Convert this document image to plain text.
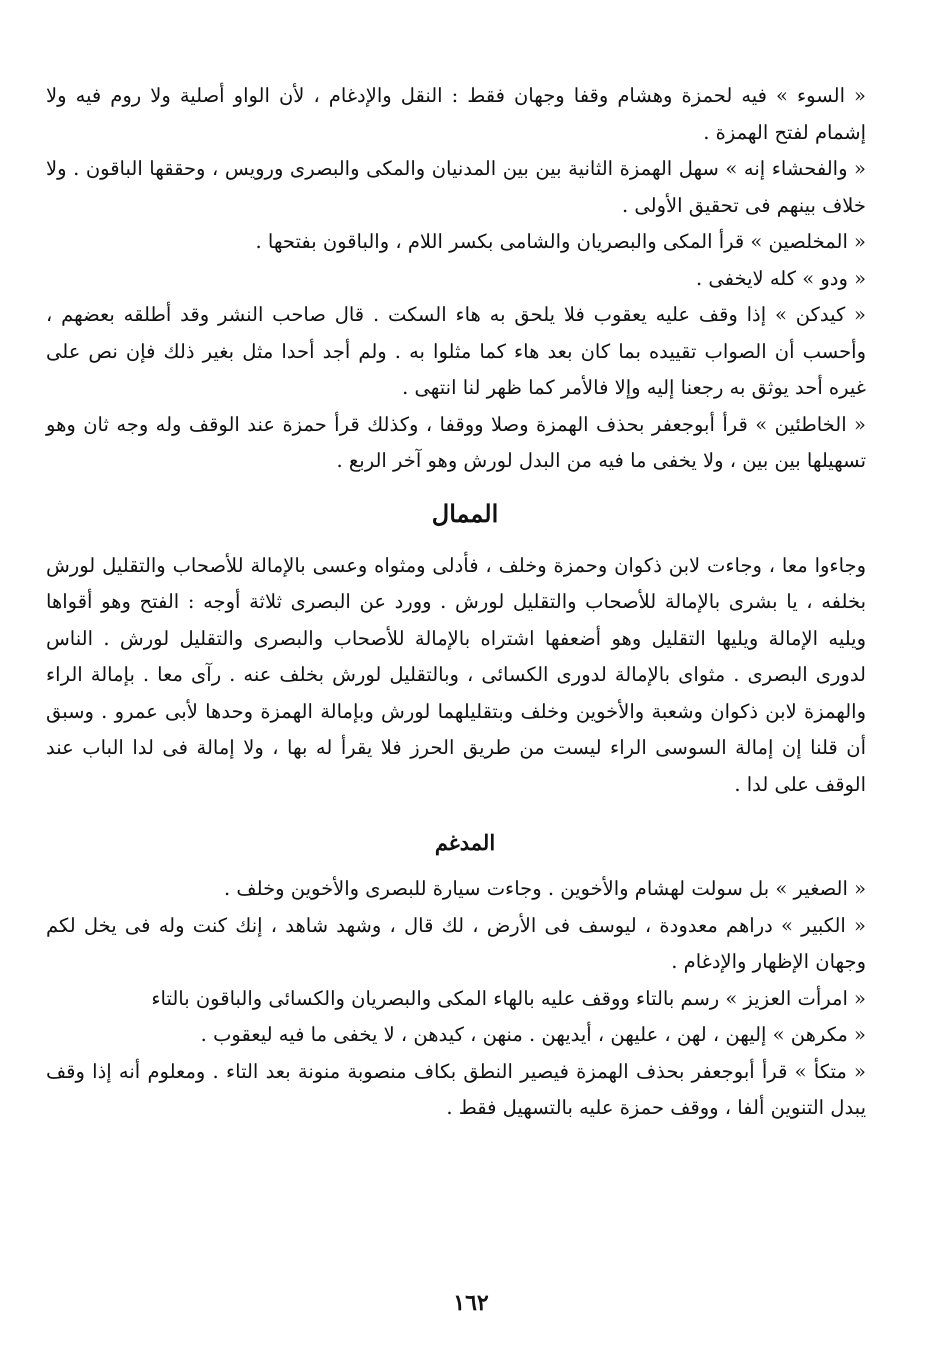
« السوء » فيه لحمزة وهشام وقفا وجهان فقط : النقل والإدغام ، لأن الواو أصلية ولا روم فيه ولا إشمام لفتح الهمزة .

« والفحشاء إنه » سهل الهمزة الثانية بين بين المدنيان والمكى والبصرى ورويس ، وحققها الباقون . ولا خلاف بينهم فى تحقيق الأولى .

« المخلصين » قرأ المكى والبصريان والشامى بكسر اللام ، والباقون بفتحها .

« ودو » كله لايخفى .

« كيدكن » إذا وقف عليه يعقوب فلا يلحق به هاء السكت . قال صاحب النشر وقد أطلقه بعضهم ، وأحسب أن الصواب تقييده بما كان بعد هاء كما مثلوا به . ولم أجد أحدا مثل بغير ذلك فإن نص على غيره أحد يوثق به رجعنا إليه وإلا فالأمر كما ظهر لنا انتهى .

« الخاطئين » قرأ أبوجعفر بحذف الهمزة وصلا ووقفا ، وكذلك قرأ حمزة عند الوقف وله وجه ثان وهو تسهيلها بين بين ، ولا يخفى ما فيه من البدل لورش وهو آخر الربع .

الممال

وجاءوا معا ، وجاءت لابن ذكوان وحمزة وخلف ، فأدلى ومثواه وعسى بالإمالة للأصحاب والتقليل لورش بخلفه ، يا بشرى بالإمالة للأصحاب والتقليل لورش . وورد عن البصرى ثلاثة أوجه : الفتح وهو أقواها ويليه الإمالة ويليها التقليل وهو أضعفها اشتراه بالإمالة للأصحاب والبصرى والتقليل لورش . الناس لدورى البصرى . مثواى بالإمالة لدورى الكسائى ، وبالتقليل لورش بخلف عنه . رآى معا . بإمالة الراء والهمزة لابن ذكوان وشعبة والأخوين وخلف وبتقليلهما لورش وبإمالة الهمزة وحدها لأبى عمرو . وسبق أن قلنا إن إمالة السوسى الراء ليست من طريق الحرز فلا يقرأ له بها ، ولا إمالة فى لدا الباب عند الوقف على لدا .

المدغم

« الصغير » بل سولت لهشام والأخوين . وجاءت سيارة للبصرى والأخوين وخلف .

« الكبير » دراهم معدودة ، ليوسف فى الأرض ، لك قال ، وشهد شاهد ، إنك كنت وله فى يخل لكم وجهان الإظهار والإدغام .

« امرأت العزيز » رسم بالتاء ووقف عليه بالهاء المكى والبصريان والكسائى والباقون بالتاء

« مكرهن » إليهن ، لهن ، عليهن ، أيديهن . منهن ، كيدهن ، لا يخفى ما فيه ليعقوب .

« متكأ » قرأ أبوجعفر بحذف الهمزة فيصير النطق بكاف منصوبة منونة بعد التاء . ومعلوم أنه إذا وقف يبدل التنوين ألفا ، ووقف حمزة عليه بالتسهيل فقط .

١٦٢
